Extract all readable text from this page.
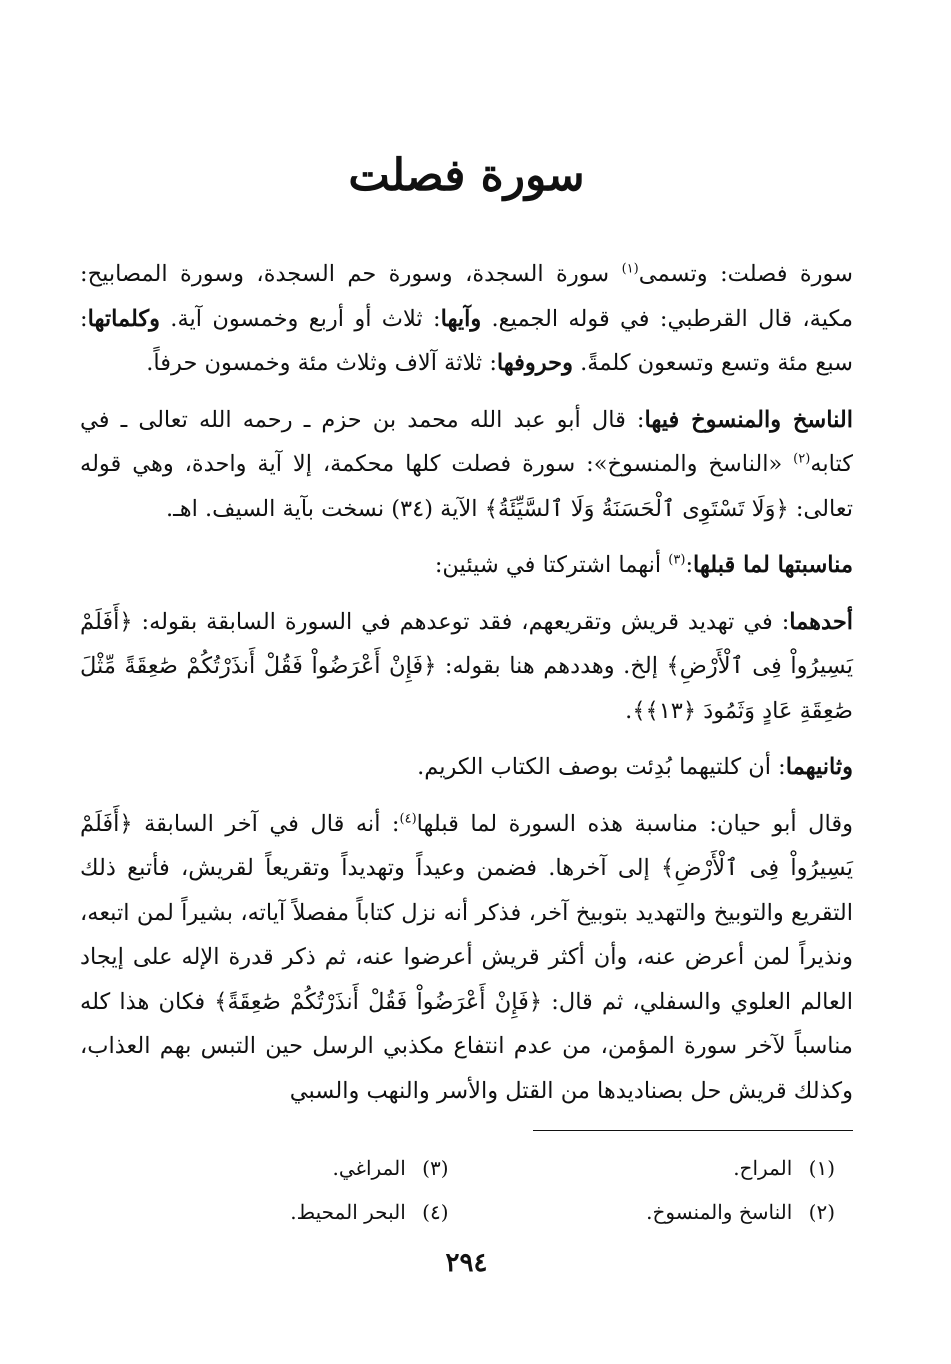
سورة فصلت

سورة فصلت: وتسمى$^{(١)}$ سورة السجدة، وسورة حم السجدة، وسورة المصابيح: مكية، قال القرطبي: في قوله الجميع. وآيها: ثلاث أو أربع وخمسون آية. وكلماتها: سبع مئة وتسع وتسعون كلمةً. وحروفها: ثلاثة آلاف وثلاث مئة وخمسون حرفاً.

الناسخ والمنسوخ فيها: قال أبو عبد الله محمد بن حزم ـ رحمه الله تعالى ـ في كتابه$^{(٢)}$ «الناسخ والمنسوخ»: سورة فصلت كلها محكمة، إلا آية واحدة، وهي قوله تعالى: ﴿وَلَا تَسْتَوِى ٱلْحَسَنَةُ وَلَا ٱلسَّيِّئَةُ﴾ الآية (٣٤) نسخت بآية السيف. اهـ.

مناسبتها لما قبلها:$^{(٣)}$ أنهما اشتركتا في شيئين:

أحدهما: في تهديد قريش وتقريعهم، فقد توعدهم في السورة السابقة بقوله: ﴿أَفَلَمْ يَسِيرُواْ فِى ٱلْأَرْضِ﴾ إلخ. وهددهم هنا بقوله: ﴿فَإِنْ أَعْرَضُواْ فَقُلْ أَنذَرْتُكُمْ صَٰعِقَةً مِّثْلَ صَٰعِقَةِ عَادٍ وَثَمُودَ ﴿١٣﴾﴾.

وثانيهما: أن كلتيهما بُدِئت بوصف الكتاب الكريم.

وقال أبو حيان: مناسبة هذه السورة لما قبلها$^{(٤)}$: أنه قال في آخر السابقة ﴿أَفَلَمْ يَسِيرُواْ فِى ٱلْأَرْضِ﴾ إلى آخرها. فضمن وعيداً وتهديداً وتقريعاً لقريش، فأتبع ذلك التقريع والتوبيخ والتهديد بتوبيخ آخر، فذكر أنه نزل كتاباً مفصلاً آياته، بشيراً لمن اتبعه، ونذيراً لمن أعرض عنه، وأن أكثر قريش أعرضوا عنه، ثم ذكر قدرة الإله على إيجاد العالم العلوي والسفلي، ثم قال: ﴿فَإِنْ أَعْرَضُواْ فَقُلْ أَنذَرْتُكُمْ صَٰعِقَةً﴾ فكان هذا كله مناسباً لآخر سورة المؤمن، من عدم انتفاع مكذبي الرسل حين التبس بهم العذاب، وكذلك قريش حل بصناديدها من القتل والأسر والنهب والسبي

(١) المراح.
(٣) المراغي.
(٢) الناسخ والمنسوخ.
(٤) البحر المحيط.
٢٩٤
